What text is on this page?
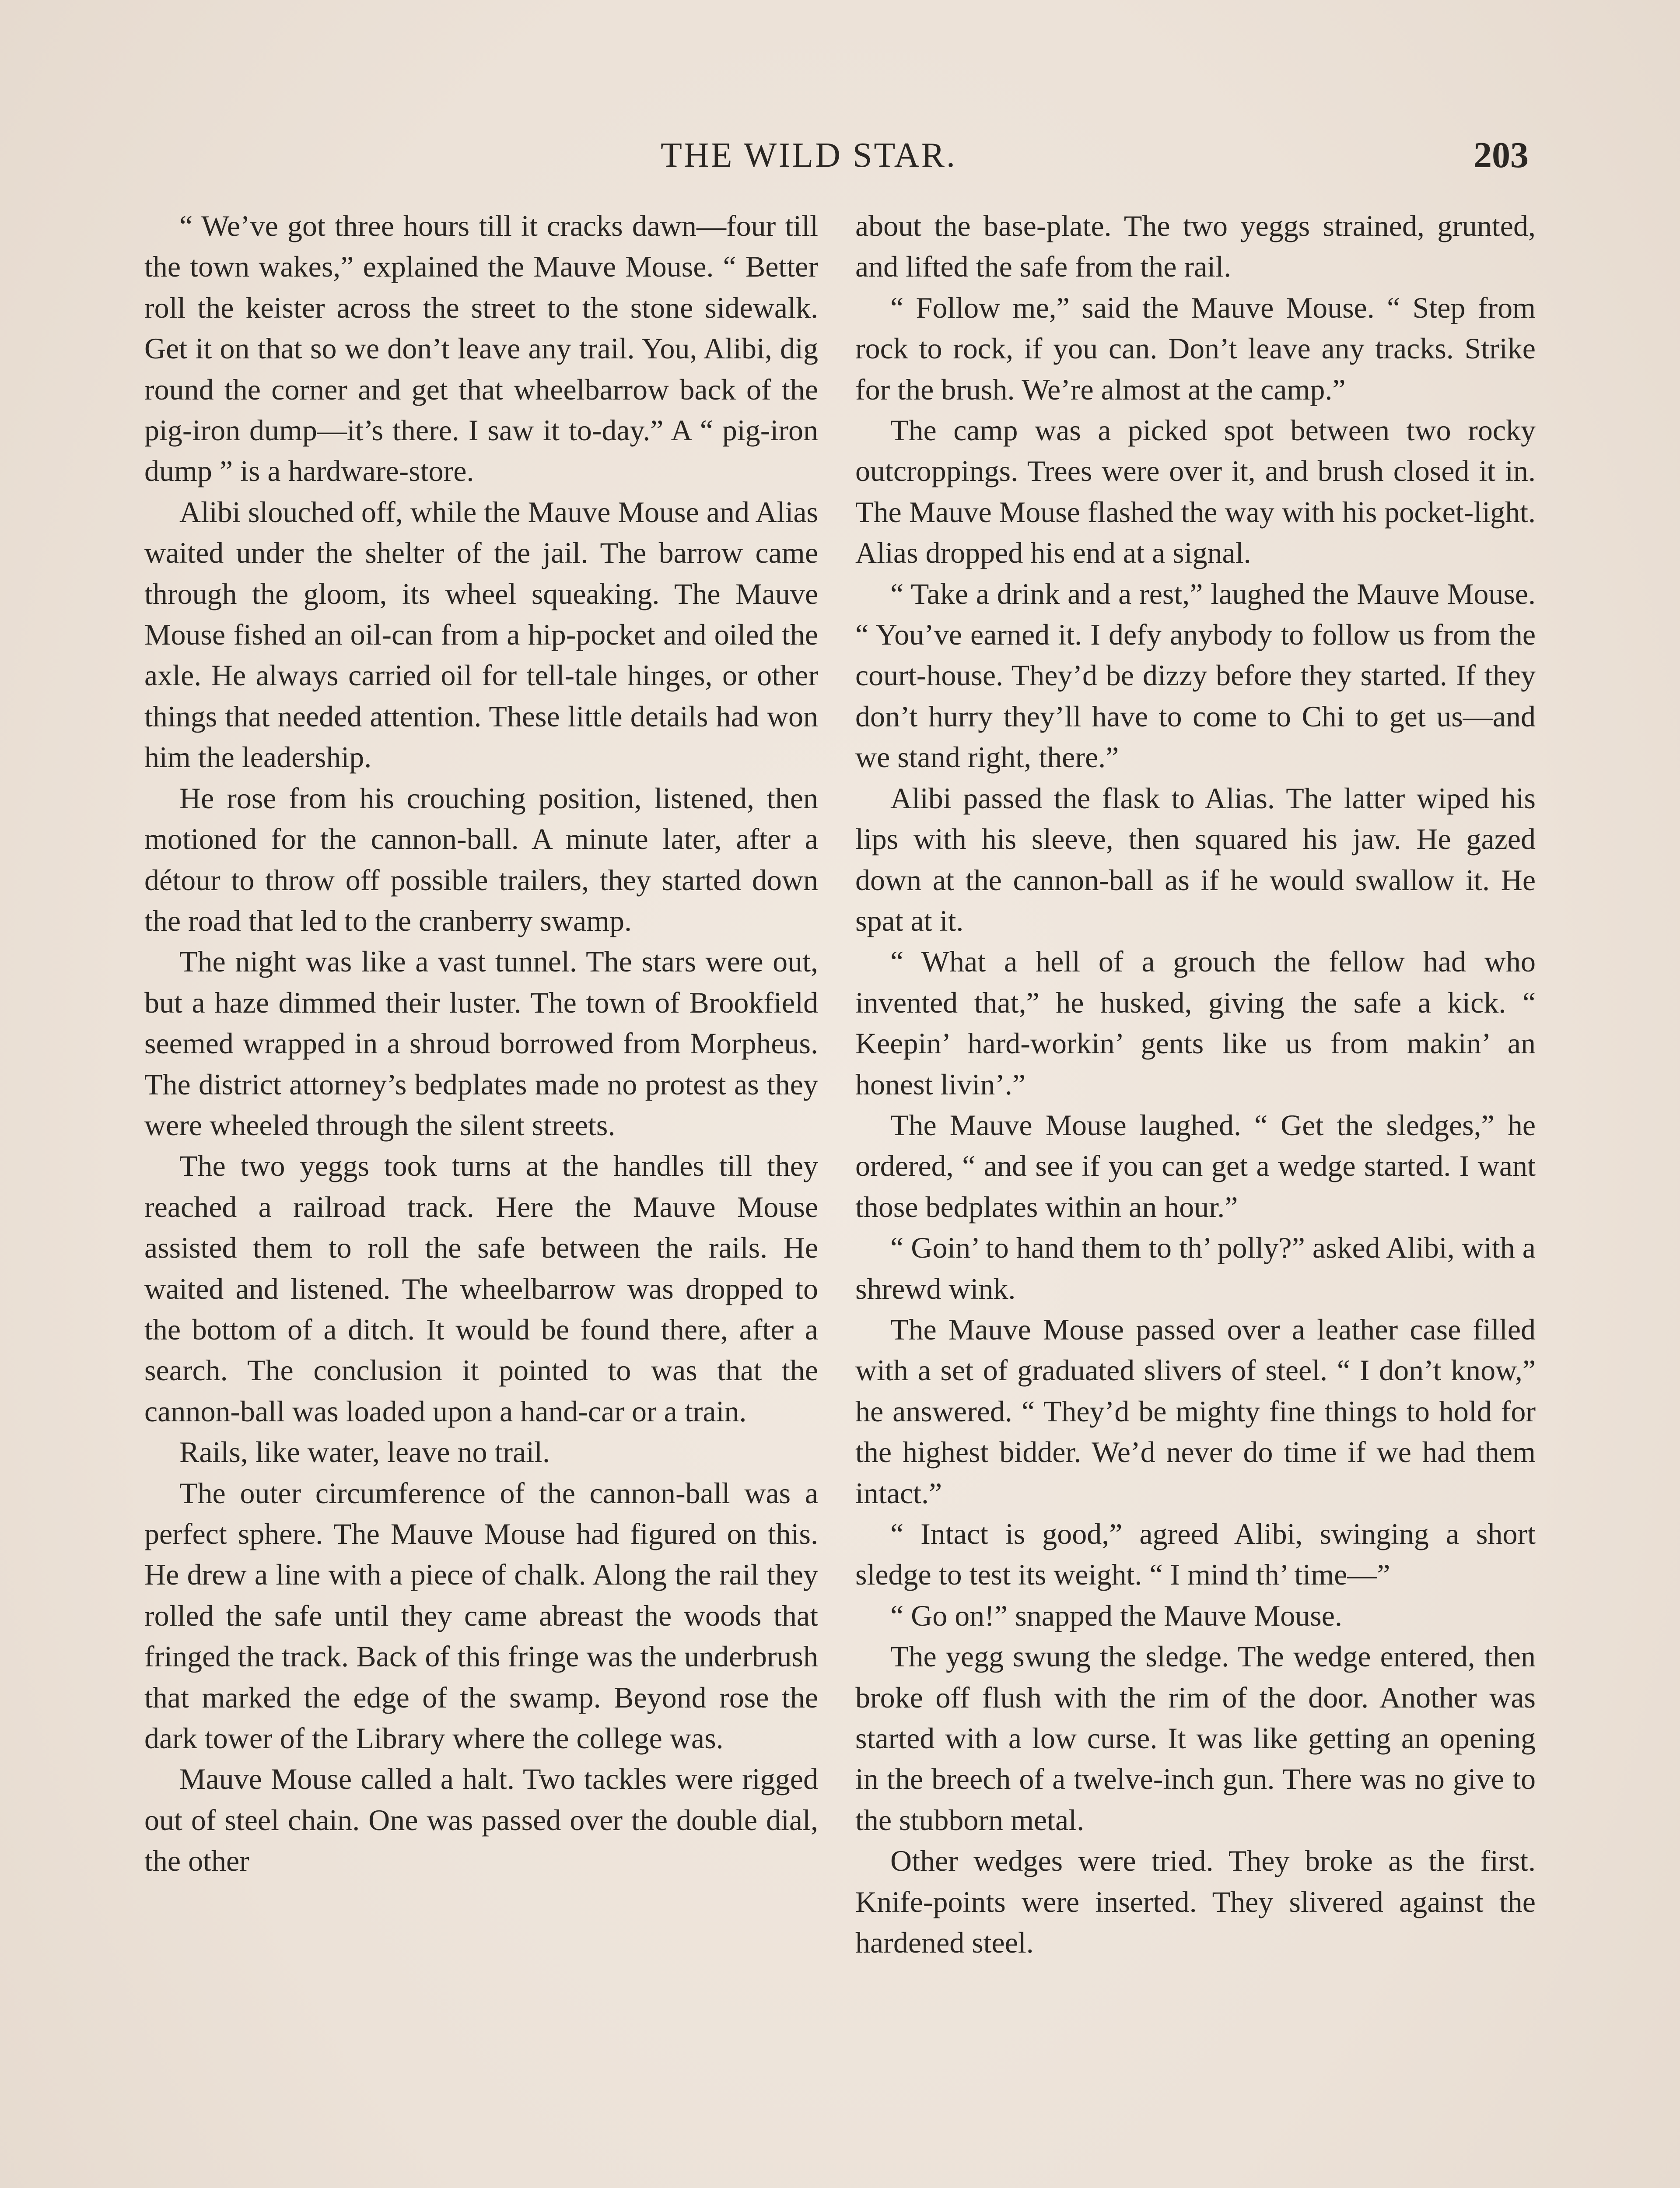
THE WILD STAR.	203

“ We’ve got three hours till it cracks dawn—four till the town wakes,” explained the Mauve Mouse. “ Better roll the keister across the street to the stone sidewalk. Get it on that so we don’t leave any trail. You, Alibi, dig round the corner and get that wheelbarrow back of the pig-iron dump—it’s there. I saw it to-day.” A “ pig-iron dump ” is a hardware-store.

Alibi slouched off, while the Mauve Mouse and Alias waited under the shelter of the jail. The barrow came through the gloom, its wheel squeaking. The Mauve Mouse fished an oil-can from a hip-pocket and oiled the axle. He always carried oil for tell-tale hinges, or other things that needed attention. These little details had won him the leadership.

He rose from his crouching position, listened, then motioned for the cannon-ball. A minute later, after a détour to throw off possible trailers, they started down the road that led to the cranberry swamp.

The night was like a vast tunnel. The stars were out, but a haze dimmed their luster. The town of Brookfield seemed wrapped in a shroud borrowed from Morpheus. The district attorney’s bedplates made no protest as they were wheeled through the silent streets.

The two yeggs took turns at the handles till they reached a railroad track. Here the Mauve Mouse assisted them to roll the safe between the rails. He waited and listened. The wheelbarrow was dropped to the bottom of a ditch. It would be found there, after a search. The conclusion it pointed to was that the cannon-ball was loaded upon a hand-car or a train.

Rails, like water, leave no trail.

The outer circumference of the cannon-ball was a perfect sphere. The Mauve Mouse had figured on this. He drew a line with a piece of chalk. Along the rail they rolled the safe until they came abreast the woods that fringed the track. Back of this fringe was the underbrush that marked the edge of the swamp. Beyond rose the dark tower of the Library where the college was.

Mauve Mouse called a halt. Two tackles were rigged out of steel chain. One was passed over the double dial, the other

about the base-plate. The two yeggs strained, grunted, and lifted the safe from the rail.

“ Follow me,” said the Mauve Mouse. “ Step from rock to rock, if you can. Don’t leave any tracks. Strike for the brush. We’re almost at the camp.”

The camp was a picked spot between two rocky outcroppings. Trees were over it, and brush closed it in. The Mauve Mouse flashed the way with his pocket-light. Alias dropped his end at a signal.

“ Take a drink and a rest,” laughed the Mauve Mouse. “ You’ve earned it. I defy anybody to follow us from the court-house. They’d be dizzy before they started. If they don’t hurry they’ll have to come to Chi to get us—and we stand right, there.”

Alibi passed the flask to Alias. The latter wiped his lips with his sleeve, then squared his jaw. He gazed down at the cannon-ball as if he would swallow it. He spat at it.

“ What a hell of a grouch the fellow had who invented that,” he husked, giving the safe a kick. “ Keepin’ hard-workin’ gents like us from makin’ an honest livin’.”

The Mauve Mouse laughed. “ Get the sledges,” he ordered, “ and see if you can get a wedge started. I want those bedplates within an hour.”

“ Goin’ to hand them to th’ polly?” asked Alibi, with a shrewd wink.

The Mauve Mouse passed over a leather case filled with a set of graduated slivers of steel. “ I don’t know,” he answered. “ They’d be mighty fine things to hold for the highest bidder. We’d never do time if we had them intact.”

“ Intact is good,” agreed Alibi, swinging a short sledge to test its weight. “ I mind th’ time—”

“ Go on!” snapped the Mauve Mouse.

The yegg swung the sledge. The wedge entered, then broke off flush with the rim of the door. Another was started with a low curse. It was like getting an opening in the breech of a twelve-inch gun. There was no give to the stubborn metal.

Other wedges were tried. They broke as the first. Knife-points were inserted. They slivered against the hardened steel.
